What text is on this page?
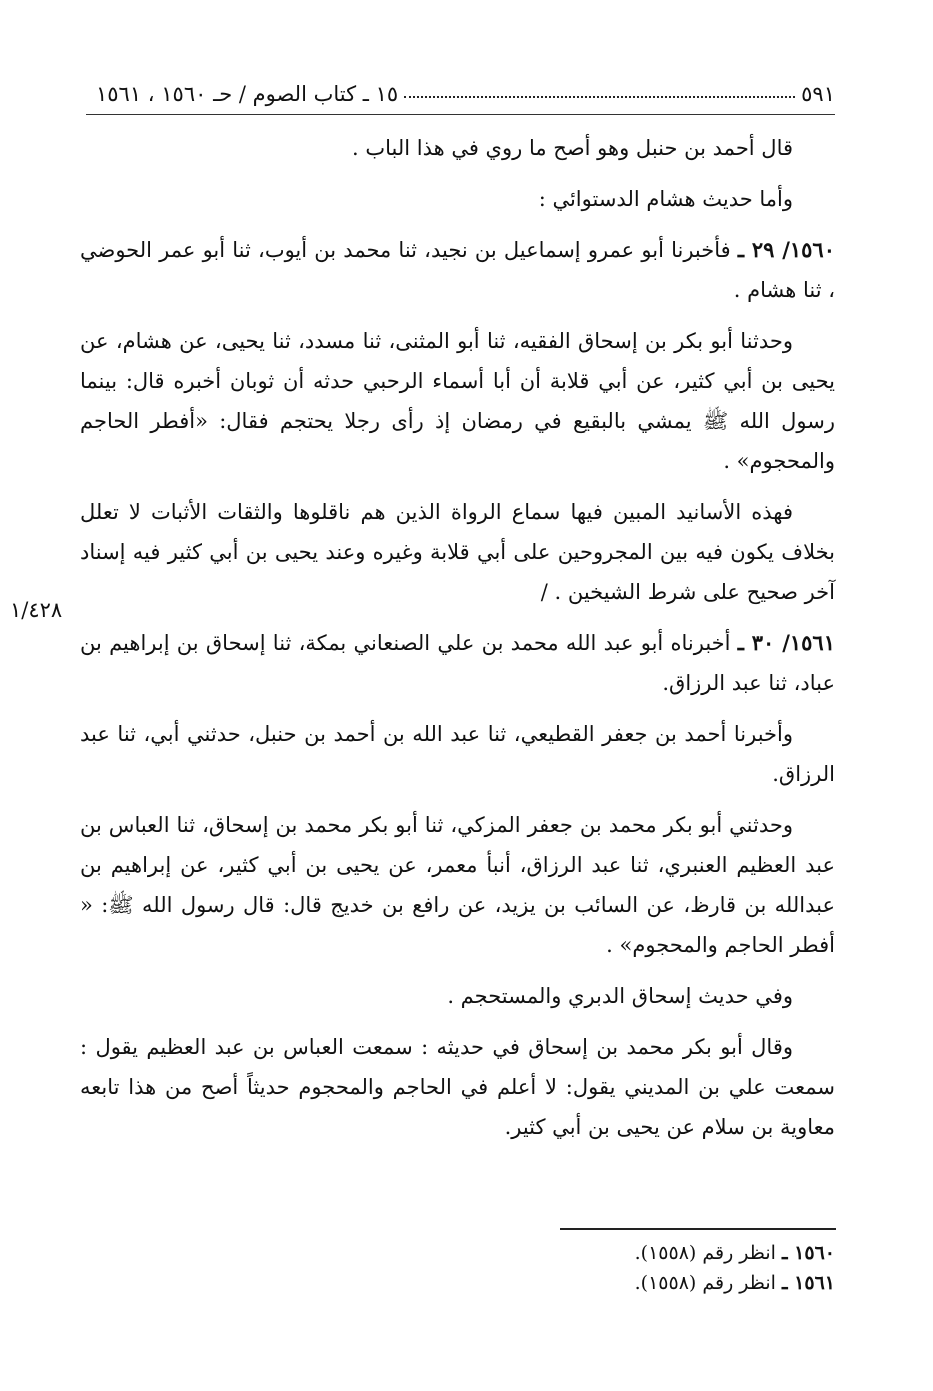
١٥ ـ كتاب الصوم / حـ ١٥٦٠ ، ١٥٦١	٥٩١
١/٤٢٨

قال أحمد بن حنبل وهو أصح ما روي في هذا الباب .

وأما حديث هشام الدستوائي :

١٥٦٠/ ٢٩ ـ فأخبرنا أبو عمرو إسماعيل بن نجيد، ثنا محمد بن أيوب، ثنا أبو عمر الحوضي ، ثنا هشام .

وحدثنا أبو بكر بن إسحاق الفقيه، ثنا أبو المثنى، ثنا مسدد، ثنا يحيى، عن هشام، عن يحيى بن أبي كثير، عن أبي قلابة أن أبا أسماء الرحبي حدثه أن ثوبان أخبره قال: بينما رسول الله ﷺ يمشي بالبقيع في رمضان إذ رأى رجلا يحتجم فقال: «أفطر الحاجم والمحجوم» .

فهذه الأسانيد المبين فيها سماع الرواة الذين هم ناقلوها والثقات الأثبات لا تعلل بخلاف يكون فيه بين المجروحين على أبي قلابة وغيره وعند يحيى بن أبي كثير فيه إسناد آخر صحيح على شرط الشيخين . /

١٥٦١/ ٣٠ ـ أخبرناه أبو عبد الله محمد بن علي الصنعاني بمكة، ثنا إسحاق بن إبراهيم بن عباد، ثنا عبد الرزاق.

وأخبرنا أحمد بن جعفر القطيعي، ثنا عبد الله بن أحمد بن حنبل، حدثني أبي، ثنا عبد الرزاق.

وحدثني أبو بكر محمد بن جعفر المزكي، ثنا أبو بكر محمد بن إسحاق، ثنا العباس بن عبد العظيم العنبري، ثنا عبد الرزاق، أنبأ معمر، عن يحيى بن أبي كثير، عن إبراهيم بن عبدالله بن قارظ، عن السائب بن يزيد، عن رافع بن خديج قال: قال رسول الله ﷺ: « أفطر الحاجم والمحجوم» .

وفي حديث إسحاق الدبري والمستحجم .

وقال أبو بكر محمد بن إسحاق في حديثه : سمعت العباس بن عبد العظيم يقول : سمعت علي بن المديني يقول: لا أعلم في الحاجم والمحجوم حديثاً أصح من هذا تابعه معاوية بن سلام عن يحيى بن أبي كثير.

١٥٦٠ ـ انظر رقم (١٥٥٨).

١٥٦١ ـ انظر رقم (١٥٥٨).
